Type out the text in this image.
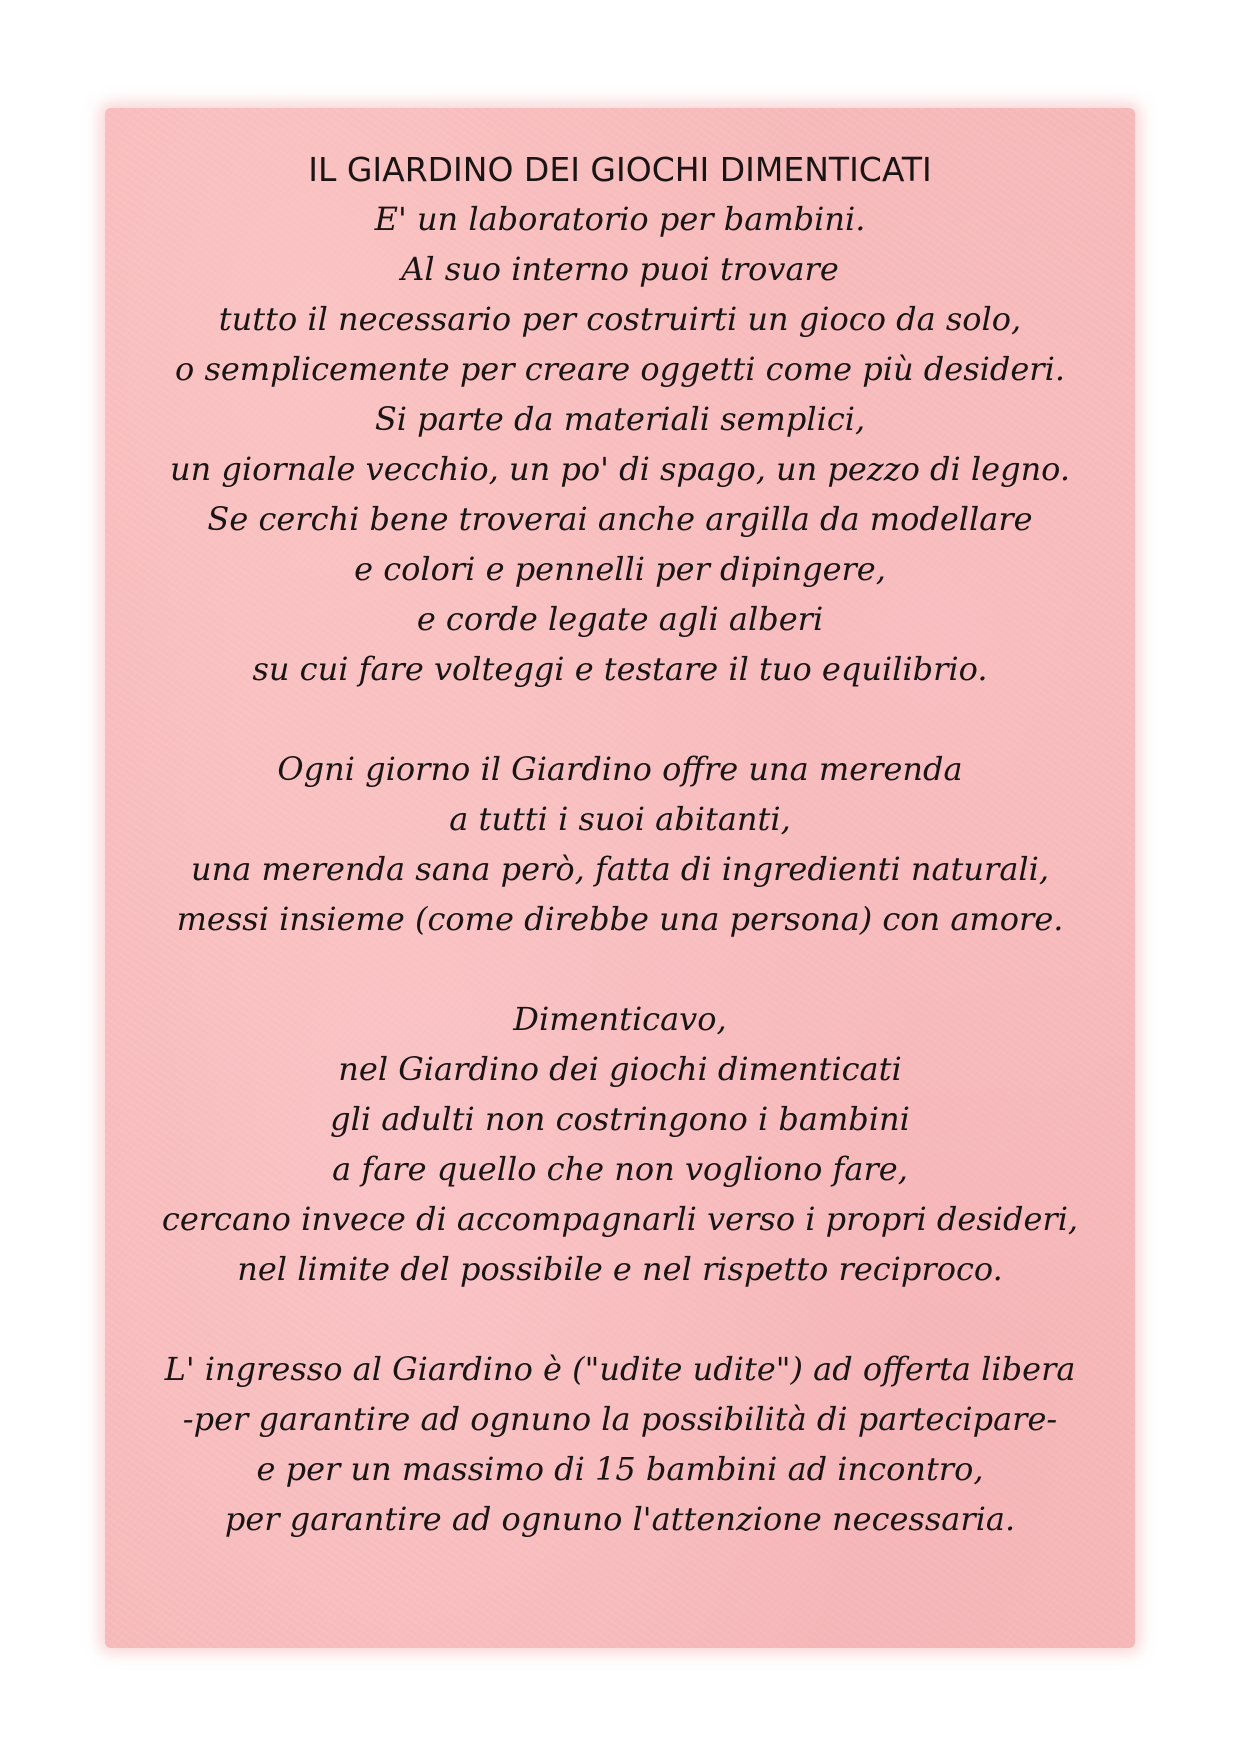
IL GIARDINO DEI GIOCHI DIMENTICATI
E' un laboratorio per bambini.
Al suo interno puoi trovare
tutto il necessario per costruirti un gioco da solo,
o semplicemente per creare oggetti come più desideri.
Si parte da materiali semplici,
un giornale vecchio, un po' di spago, un pezzo di legno.
Se cerchi bene troverai anche argilla da modellare
e colori e pennelli per dipingere,
e corde legate agli alberi
su cui fare volteggi e testare il tuo equilibrio.
Ogni giorno il Giardino offre una merenda
a tutti i suoi abitanti,
una merenda sana però, fatta di ingredienti naturali,
messi insieme (come direbbe una persona) con amore.
Dimenticavo,
nel Giardino dei giochi dimenticati
gli adulti non costringono i bambini
a fare quello che non vogliono fare,
cercano invece di accompagnarli verso i propri desideri,
nel limite del possibile e nel rispetto reciproco.
L' ingresso al Giardino è ("udite udite") ad offerta libera
-per garantire ad ognuno la possibilità di partecipare-
e per un massimo di 15 bambini ad incontro,
per garantire ad ognuno l'attenzione necessaria.
